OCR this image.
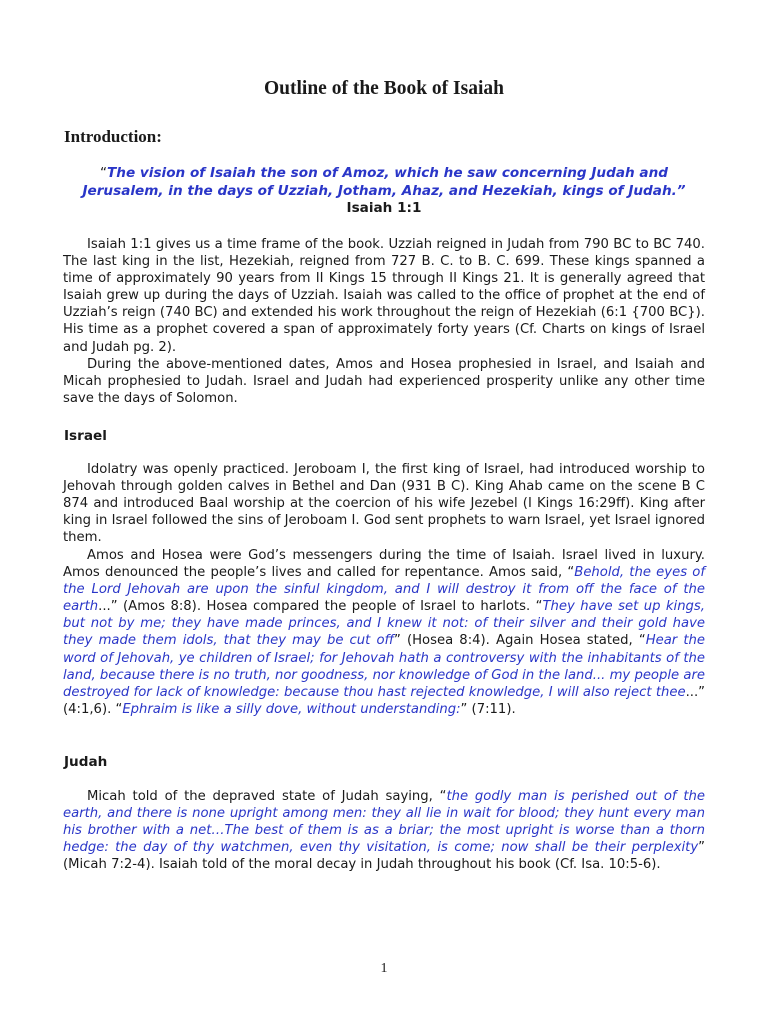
Outline of the Book of Isaiah
Introduction:
“The vision of Isaiah the son of Amoz, which he saw concerning Judah and Jerusalem, in the days of Uzziah, Jotham, Ahaz, and Hezekiah, kings of Judah.”
Isaiah 1:1

Isaiah 1:1 gives us a time frame of the book. Uzziah reigned in Judah from 790 BC to BC 740. The last king in the list, Hezekiah, reigned from 727 B. C. to B. C. 699. These kings spanned a time of approximately 90 years from II Kings 15 through II Kings 21. It is generally agreed that Isaiah grew up during the days of Uzziah. Isaiah was called to the office of prophet at the end of Uzziah’s reign (740 BC) and extended his work throughout the reign of Hezekiah (6:1 {700 BC}). His time as a prophet covered a span of approximately forty years (Cf. Charts on kings of Israel and Judah pg. 2).

During the above-mentioned dates, Amos and Hosea prophesied in Israel, and Isaiah and Micah prophesied to Judah. Israel and Judah had experienced prosperity unlike any other time save the days of Solomon.

Israel

Idolatry was openly practiced. Jeroboam I, the first king of Israel, had introduced worship to Jehovah through golden calves in Bethel and Dan (931 B C). King Ahab came on the scene B C 874 and introduced Baal worship at the coercion of his wife Jezebel (I Kings 16:29ff). King after king in Israel followed the sins of Jeroboam I. God sent prophets to warn Israel, yet Israel ignored them.

Amos and Hosea were God’s messengers during the time of Isaiah. Israel lived in luxury. Amos denounced the people’s lives and called for repentance. Amos said, “Behold, the eyes of the Lord Jehovah are upon the sinful kingdom, and I will destroy it from off the face of the earth...” (Amos 8:8). Hosea compared the people of Israel to harlots. “They have set up kings, but not by me; they have made princes, and I knew it not: of their silver and their gold have they made them idols, that they may be cut off” (Hosea 8:4). Again Hosea stated, “Hear the word of Jehovah, ye children of Israel; for Jehovah hath a controversy with the inhabitants of the land, because there is no truth, nor goodness, nor knowledge of God in the land... my people are destroyed for lack of knowledge: because thou hast rejected knowledge, I will also reject thee...” (4:1,6). “Ephraim is like a silly dove, without understanding:” (7:11).

Judah

Micah told of the depraved state of Judah saying, “the godly man is perished out of the earth, and there is none upright among men: they all lie in wait for blood; they hunt every man his brother with a net…The best of them is as a briar; the most upright is worse than a thorn hedge: the day of thy watchmen, even thy visitation, is come; now shall be their perplexity” (Micah 7:2-4). Isaiah told of the moral decay in Judah throughout his book (Cf. Isa. 10:5-6).

1
